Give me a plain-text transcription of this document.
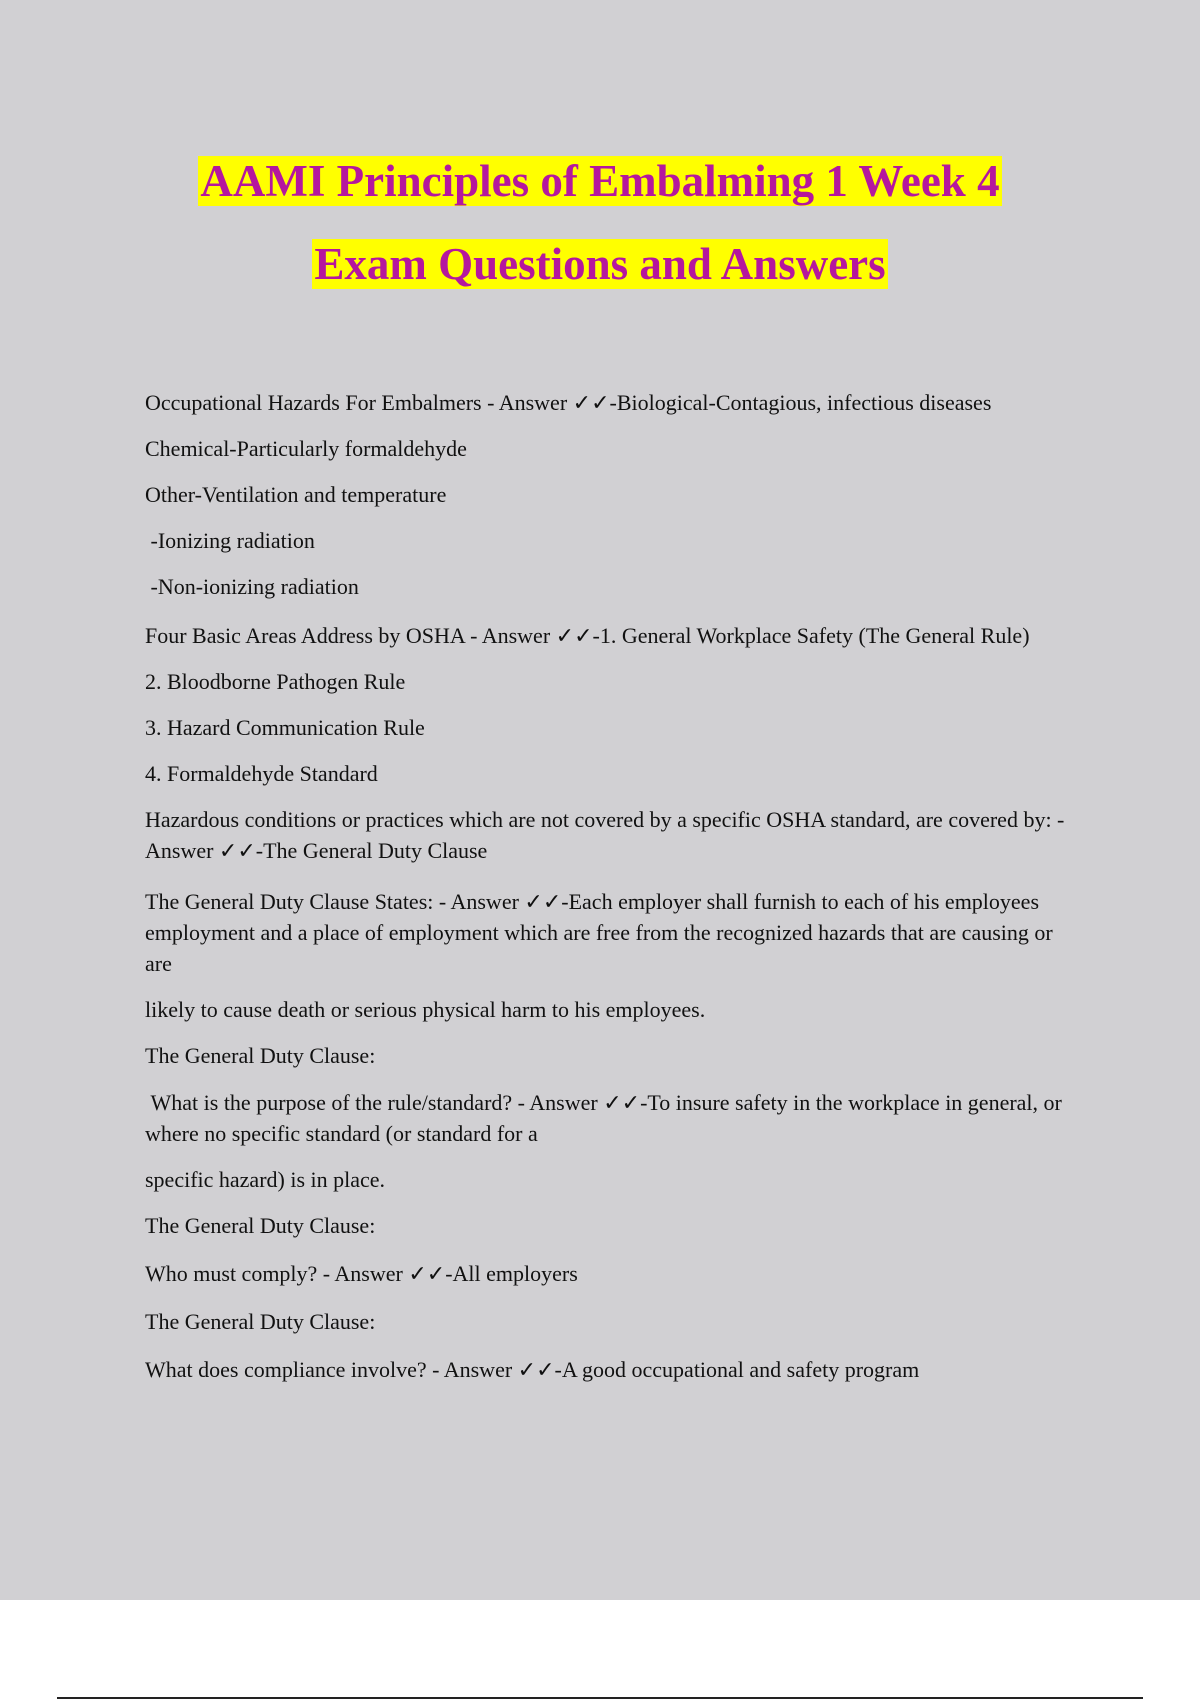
AAMI Principles of Embalming 1 Week 4
Exam Questions and Answers

Occupational Hazards For Embalmers - Answer ✓✓-Biological-Contagious, infectious diseases

Chemical-Particularly formaldehyde

Other-Ventilation and temperature

-Ionizing radiation

-Non-ionizing radiation

Four Basic Areas Address by OSHA - Answer ✓✓-1. General Workplace Safety (The General Rule)

2. Bloodborne Pathogen Rule

3. Hazard Communication Rule

4. Formaldehyde Standard

Hazardous conditions or practices which are not covered by a specific OSHA standard, are covered by: - Answer ✓✓-The General Duty Clause

The General Duty Clause States: - Answer ✓✓-Each employer shall furnish to each of his employees employment and a place of employment which are free from the recognized hazards that are causing or are

likely to cause death or serious physical harm to his employees.

The General Duty Clause:

What is the purpose of the rule/standard? - Answer ✓✓-To insure safety in the workplace in general, or where no specific standard (or standard for a

specific hazard) is in place.

The General Duty Clause:

Who must comply? - Answer ✓✓-All employers

The General Duty Clause:

What does compliance involve? - Answer ✓✓-A good occupational and safety program
